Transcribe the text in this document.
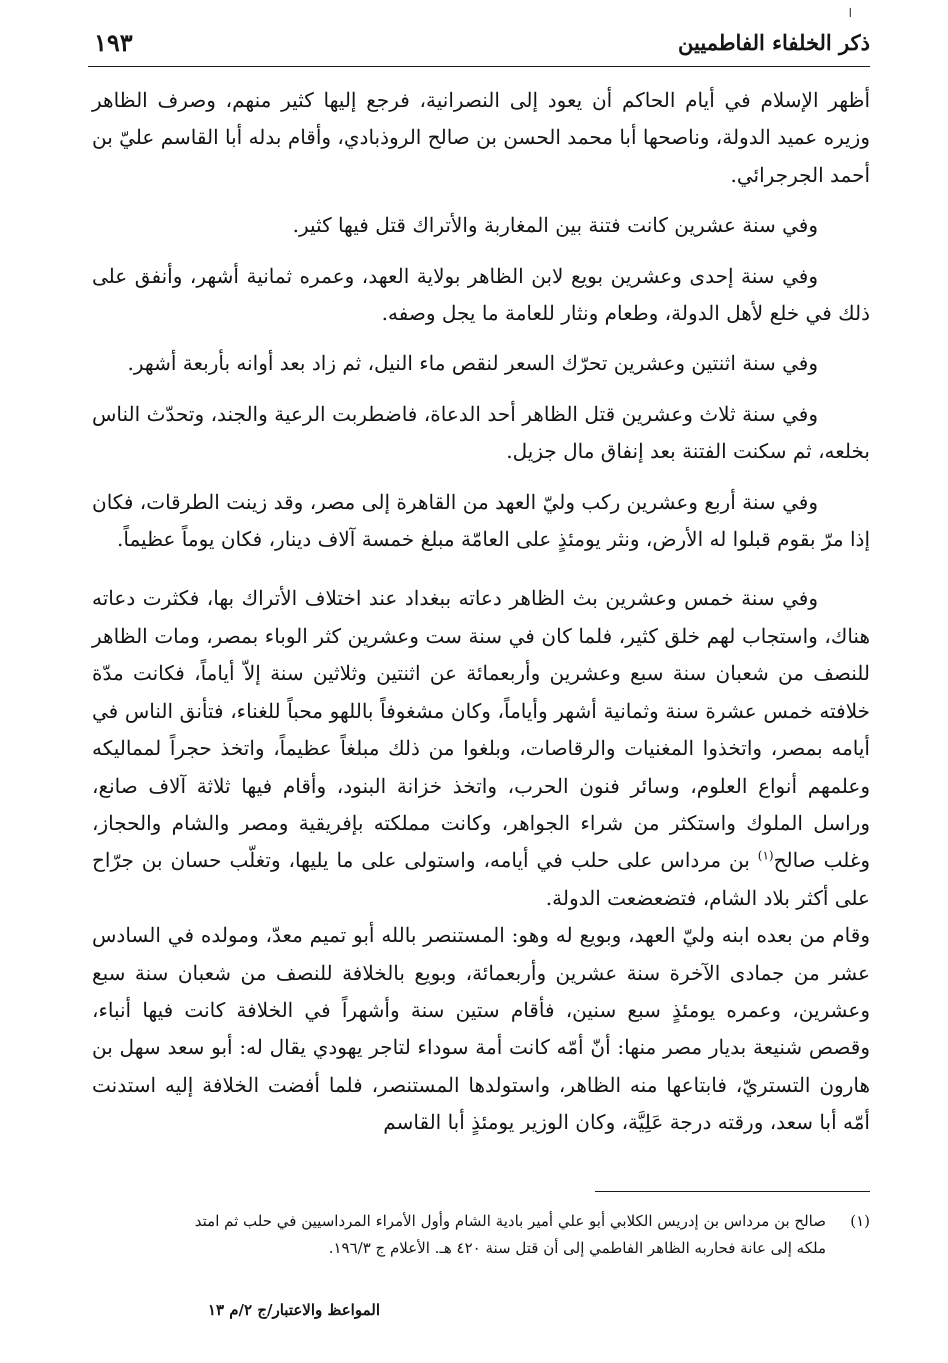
ا
ذكر الخلفاء الفاطميين
١٩٣

أظهر الإسلام في أيام الحاكم أن يعود إلى النصرانية، فرجع إليها كثير منهم، وصرف الظاهر وزيره عميد الدولة، وناصحها أبا محمد الحسن بن صالح الروذبادي، وأقام بدله أبا القاسم عليّ بن أحمد الجرجرائي.

وفي سنة عشرين كانت فتنة بين المغاربة والأتراك قتل فيها كثير.

وفي سنة إحدى وعشرين بويع لابن الظاهر بولاية العهد، وعمره ثمانية أشهر، وأنفق على ذلك في خلع لأهل الدولة، وطعام ونثار للعامة ما يجل وصفه.

وفي سنة اثنتين وعشرين تحرّك السعر لنقص ماء النيل، ثم زاد بعد أوانه بأربعة أشهر.

وفي سنة ثلاث وعشرين قتل الظاهر أحد الدعاة، فاضطربت الرعية والجند، وتحدّث الناس بخلعه، ثم سكنت الفتنة بعد إنفاق مال جزيل.

وفي سنة أربع وعشرين ركب وليّ العهد من القاهرة إلى مصر، وقد زينت الطرقات، فكان إذا مرّ بقوم قبلوا له الأرض، ونثر يومئذٍ على العامّة مبلغ خمسة آلاف دينار، فكان يوماً عظيماً.

وفي سنة خمس وعشرين بث الظاهر دعاته ببغداد عند اختلاف الأتراك بها، فكثرت دعاته هناك، واستجاب لهم خلق كثير، فلما كان في سنة ست وعشرين كثر الوباء بمصر، ومات الظاهر للنصف من شعبان سنة سبع وعشرين وأربعمائة عن اثنتين وثلاثين سنة إلاّ أياماً، فكانت مدّة خلافته خمس عشرة سنة وثمانية أشهر وأياماً، وكان مشغوفاً باللهو محباً للغناء، فتأنق الناس في أيامه بمصر، واتخذوا المغنيات والرقاصات، وبلغوا من ذلك مبلغاً عظيماً، واتخذ حجراً لمماليكه وعلمهم أنواع العلوم، وسائر فنون الحرب، واتخذ خزانة البنود، وأقام فيها ثلاثة آلاف صانع، وراسل الملوك واستكثر من شراء الجواهر، وكانت مملكته بإفريقية ومصر والشام والحجاز، وغلب صالح$^{(١)}$ بن مرداس على حلب في أيامه، واستولى على ما يليها، وتغلّب حسان بن جرّاح على أكثر بلاد الشام، فتضعضعت الدولة.

وقام من بعده ابنه وليّ العهد، وبويع له وهو: المستنصر بالله أبو تميم معدّ، ومولده في السادس عشر من جمادى الآخرة سنة عشرين وأربعمائة، وبويع بالخلافة للنصف من شعبان سنة سبع وعشرين، وعمره يومئذٍ سبع سنين، فأقام ستين سنة وأشهراً في الخلافة كانت فيها أنباء، وقصص شنيعة بديار مصر منها: أنّ أمّه كانت أمة سوداء لتاجر يهودي يقال له: أبو سعد سهل بن هارون التستريّ، فابتاعها منه الظاهر، واستولدها المستنصر، فلما أفضت الخلافة إليه استدنت أمّه أبا سعد، ورقته درجة عَلِيَّة، وكان الوزير يومئذٍ أبا القاسم

(١)صالح بن مرداس بن إدريس الكلابي أبو علي أمير بادية الشام وأول الأمراء المرداسيين في حلب ثم امتد
ملكه إلى عانة فحاربه الظاهر الفاطمي إلى أن قتل سنة ٤٢٠ هـ. الأعلام ج ١٩٦/٣.
المواعظ والاعتبار/ج ٢/م ١٣
